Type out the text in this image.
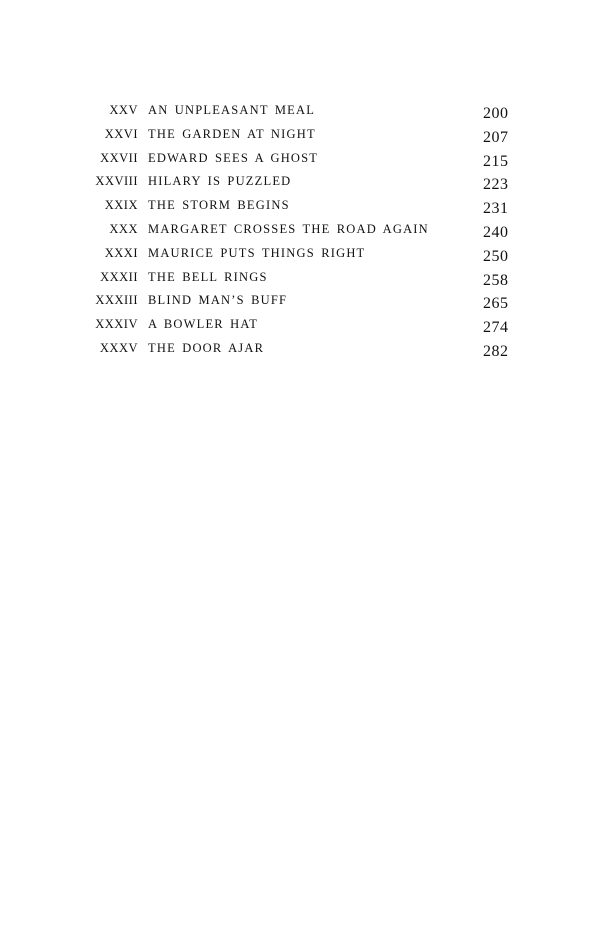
XXV AN UNPLEASANT MEAL	200
XXVI THE GARDEN AT NIGHT	207
XXVII EDWARD SEES A GHOST	215
XXVIII HILARY IS PUZZLED	223
XXIX THE STORM BEGINS	231
XXX MARGARET CROSSES THE ROAD AGAIN	240
XXXI MAURICE PUTS THINGS RIGHT	250
XXXII THE BELL RINGS	258
XXXIII BLIND MAN’S BUFF	265
XXXIV A BOWLER HAT	274
XXXV THE DOOR AJAR	282
